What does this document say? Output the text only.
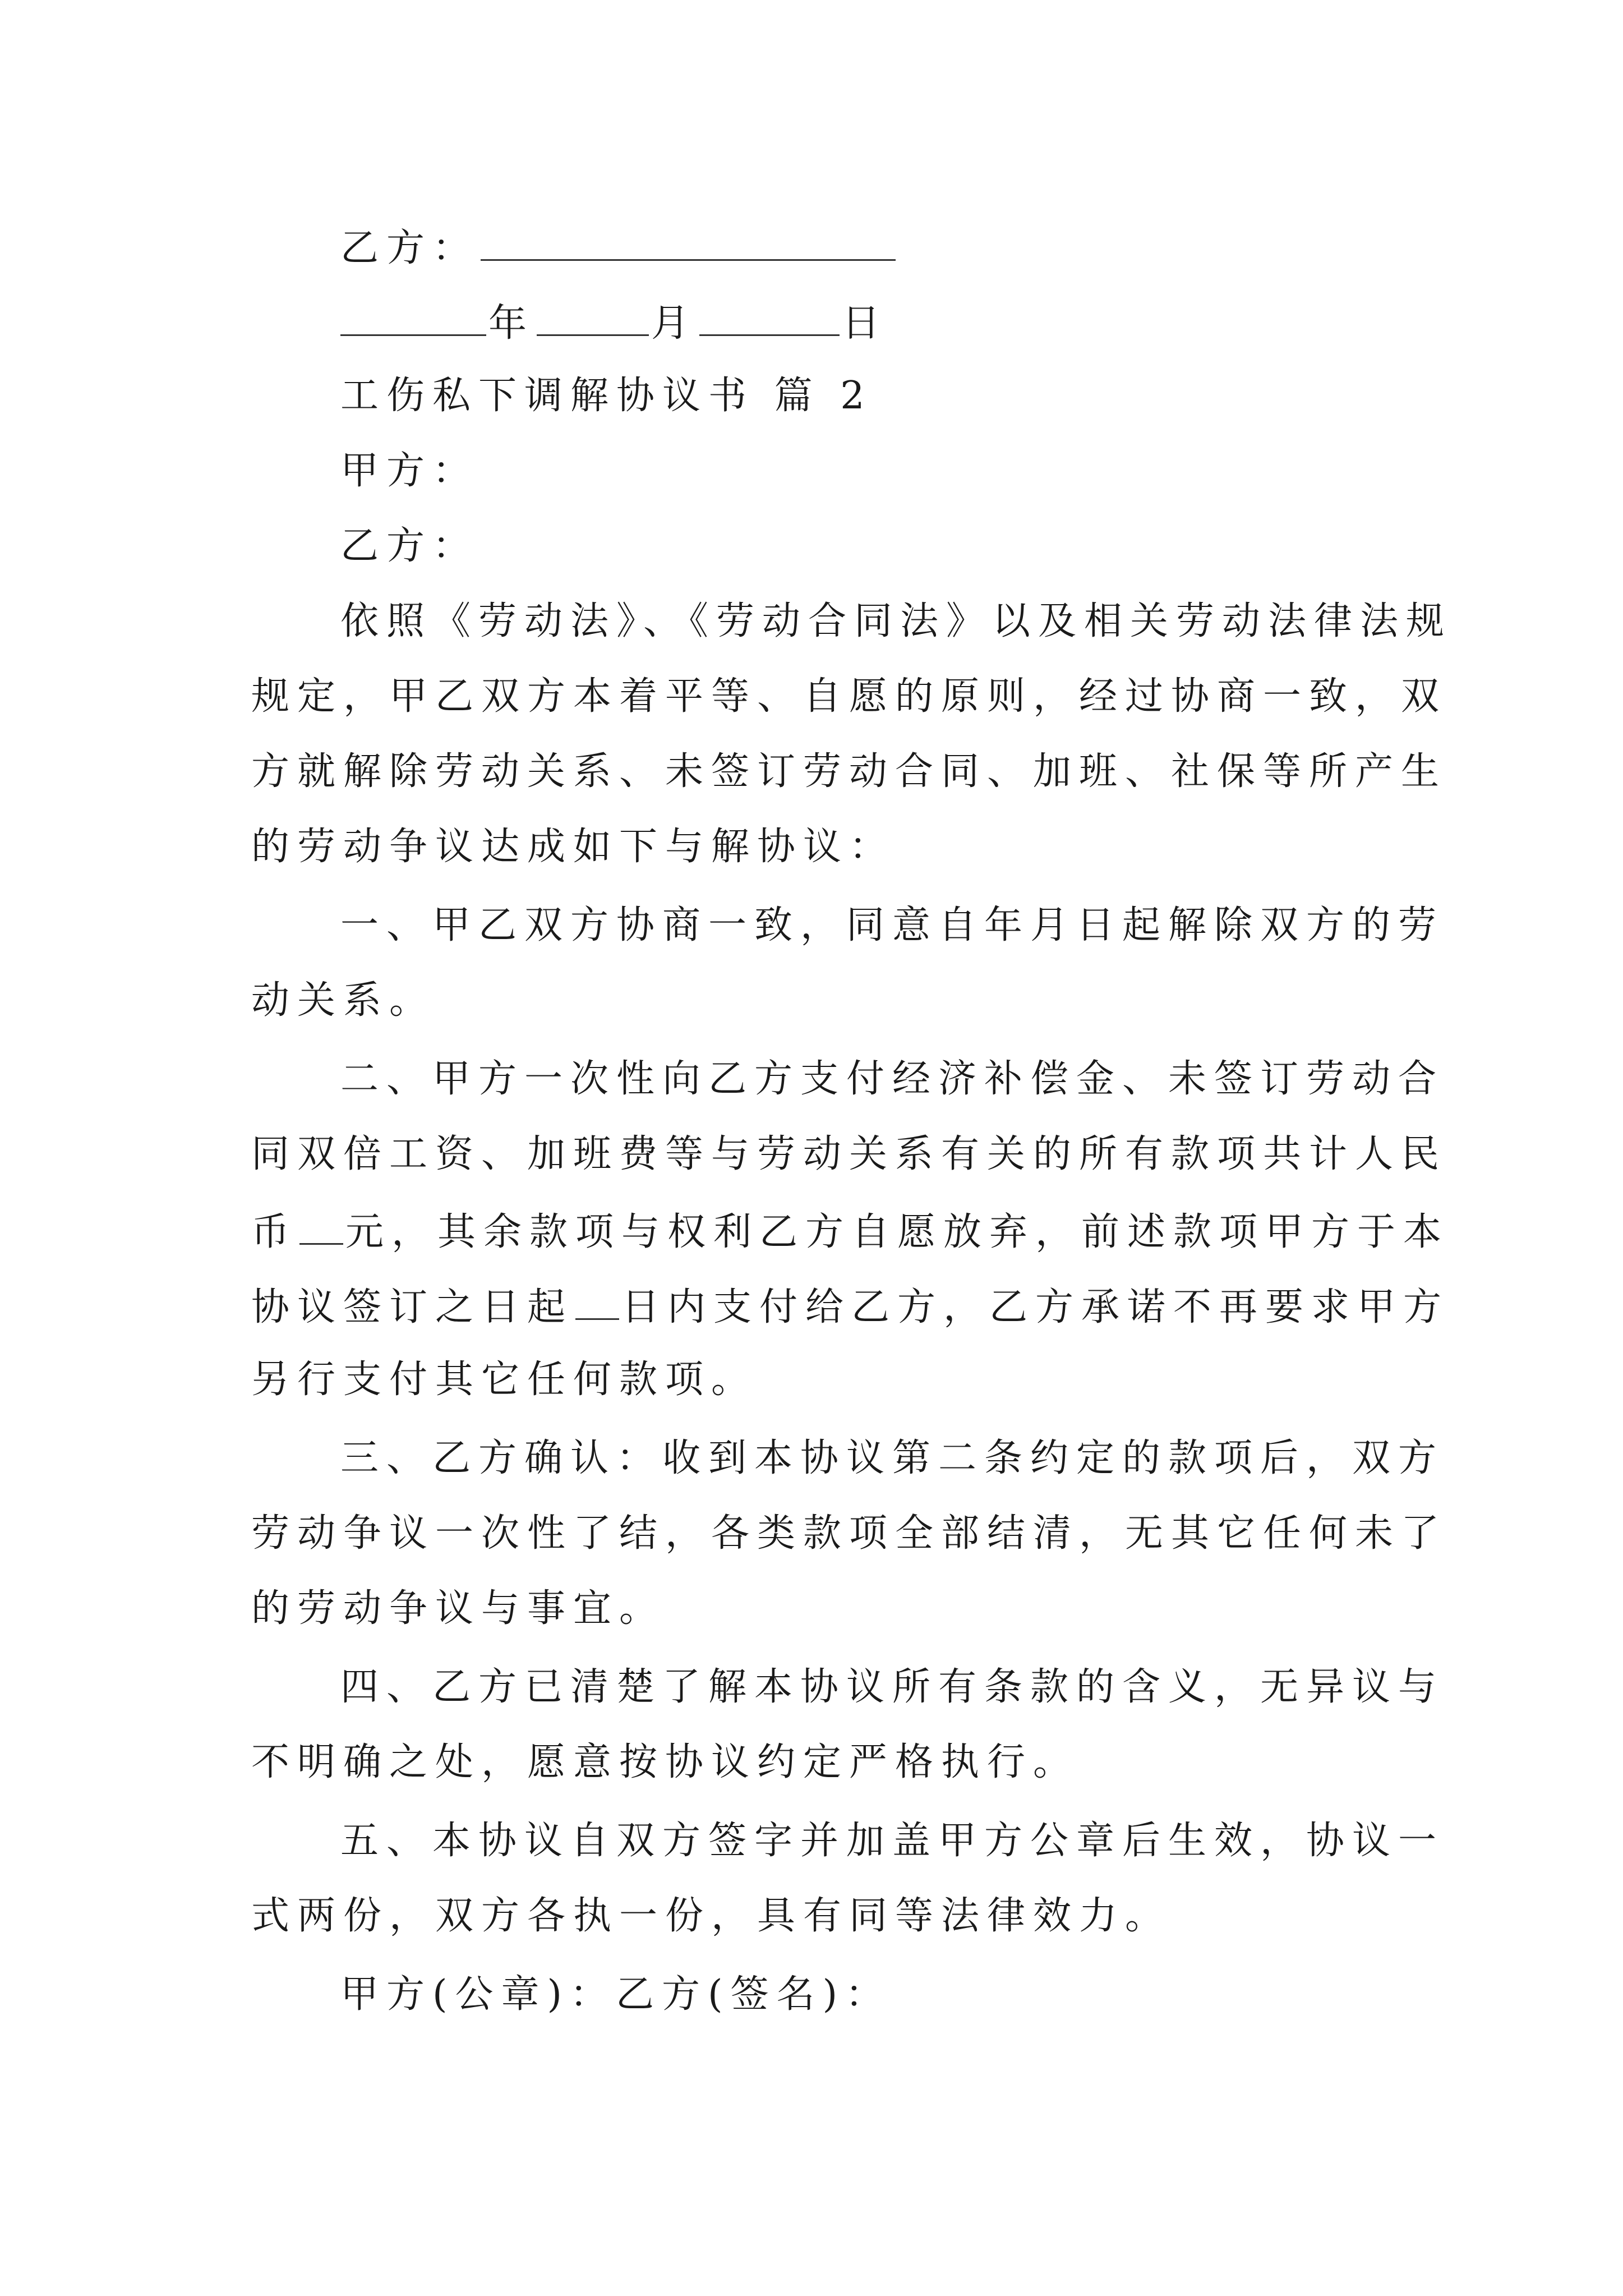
乙方：
年	月	日
工伤私下调解协议书 篇 2
甲方：
乙方：
依照《劳动法》、《劳动合同法》以及相关劳动法律法规
规定，甲乙双方本着平等、自愿的原则，经过协商一致，双
方就解除劳动关系、未签订劳动合同、加班、社保等所产生
的劳动争议达成如下与解协议：
一、甲乙双方协商一致，同意自年月日起解除双方的劳
动关系。
二、甲方一次性向乙方支付经济补偿金、未签订劳动合
同双倍工资、加班费等与劳动关系有关的所有款项共计人民
币 元，其余款项与权利乙方自愿放弃，前述款项甲方于本
协议签订之日起 日内支付给乙方，乙方承诺不再要求甲方
另行支付其它任何款项。
三、乙方确认：收到本协议第二条约定的款项后，双方
劳动争议一次性了结，各类款项全部结清，无其它任何未了
的劳动争议与事宜。
四、乙方已清楚了解本协议所有条款的含义，无异议与
不明确之处，愿意按协议约定严格执行。
五、本协议自双方签字并加盖甲方公章后生效，协议一
式两份，双方各执一份，具有同等法律效力。
甲方(公章)：乙方(签名)：
